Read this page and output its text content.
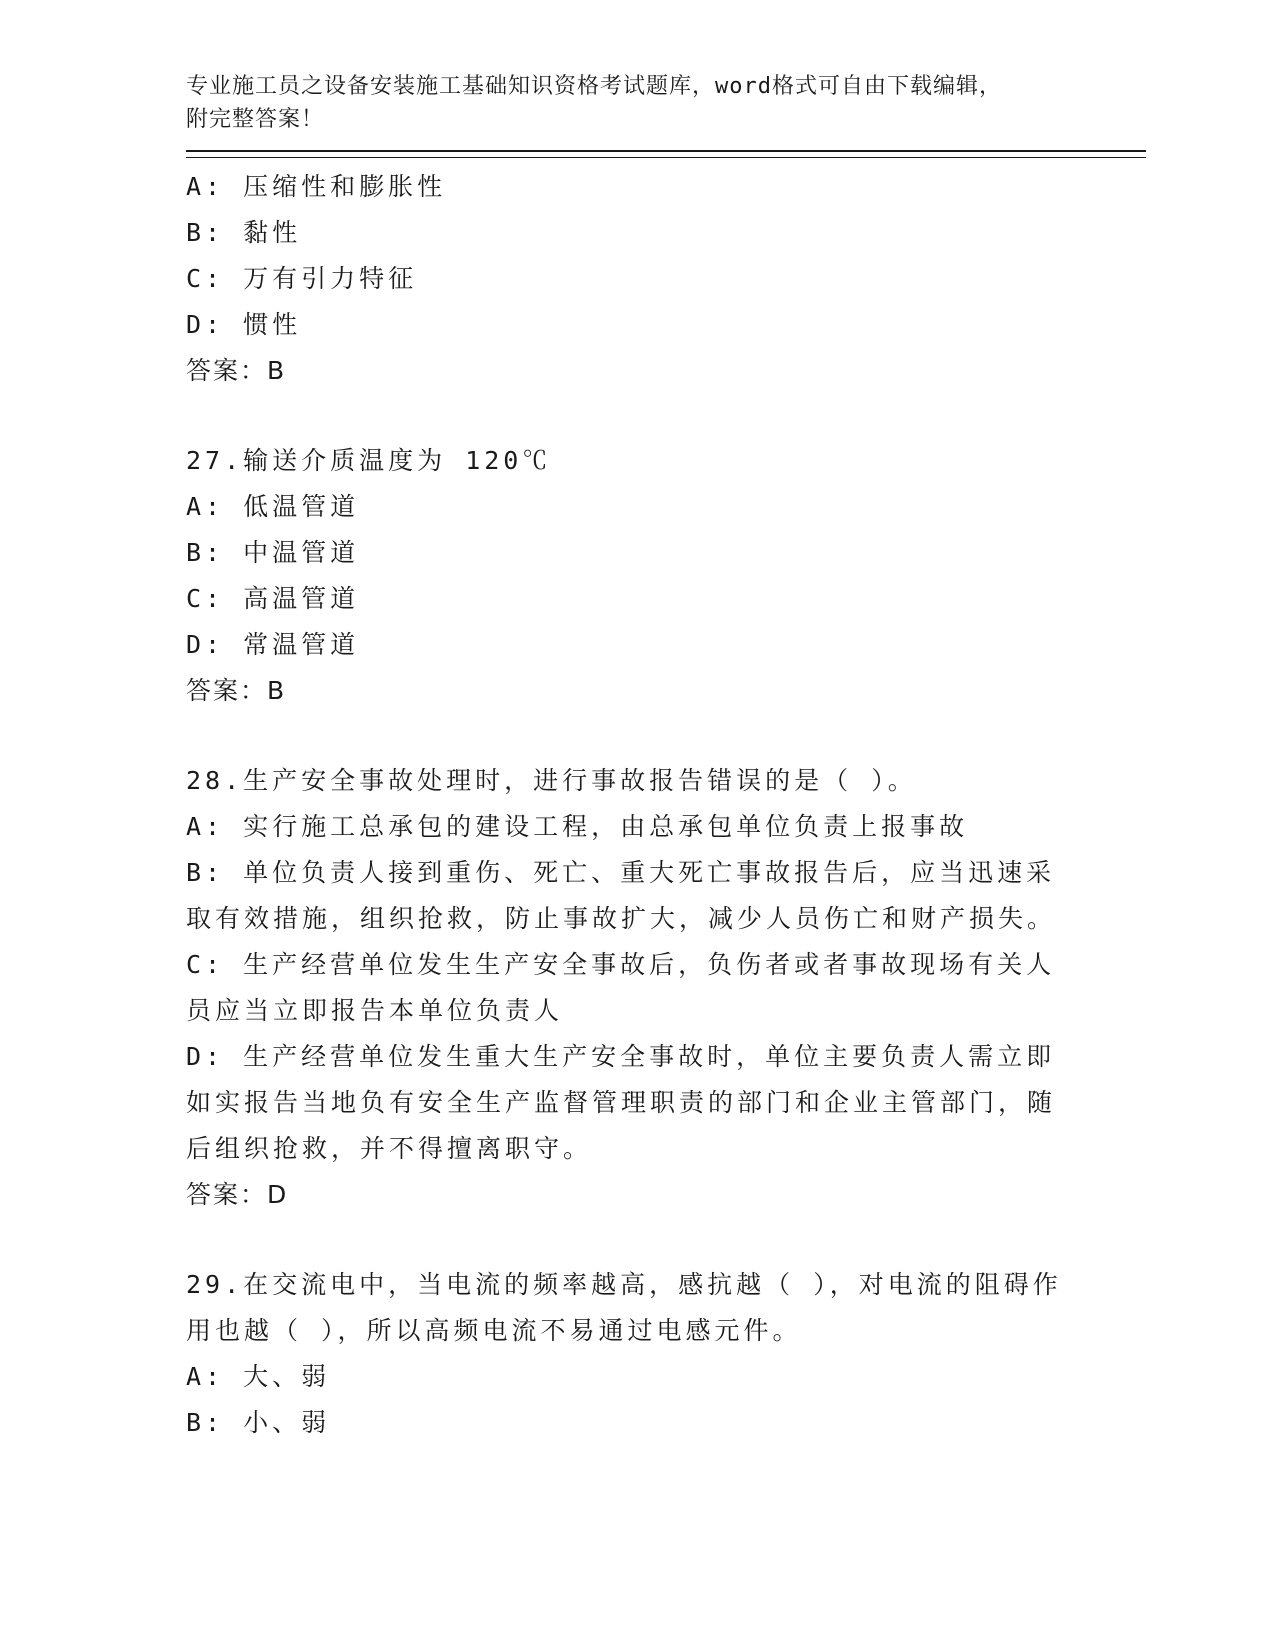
专业施工员之设备安装施工基础知识资格考试题库，word格式可自由下载编辑，
附完整答案！
A: 压缩性和膨胀性
B: 黏性
C: 万有引力特征
D: 惯性
答案：B
27.输送介质温度为 120℃
A: 低温管道
B: 中温管道
C: 高温管道
D: 常温管道
答案：B
28.生产安全事故处理时，进行事故报告错误的是（ ）。
A: 实行施工总承包的建设工程，由总承包单位负责上报事故
B: 单位负责人接到重伤、死亡、重大死亡事故报告后，应当迅速采取有效措施，组织抢救，防止事故扩大，减少人员伤亡和财产损失。
C: 生产经营单位发生生产安全事故后，负伤者或者事故现场有关人员应当立即报告本单位负责人
D: 生产经营单位发生重大生产安全事故时，单位主要负责人需立即如实报告当地负有安全生产监督管理职责的部门和企业主管部门，随后组织抢救，并不得擅离职守。
答案：D
29.在交流电中，当电流的频率越高，感抗越（ ），对电流的阻碍作用也越（ ），所以高频电流不易通过电感元件。
A: 大、弱
B: 小、弱
